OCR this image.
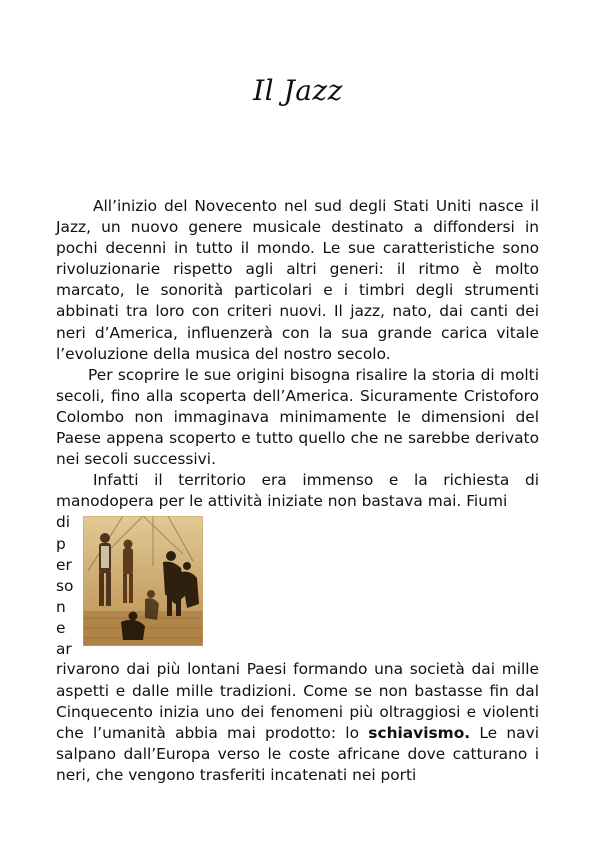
Il Jazz

All’inizio del Novecento nel sud degli Stati Uniti nasce il Jazz, un nuovo genere musicale destinato a diffondersi in pochi decenni in tutto il mondo. Le sue caratteristiche sono rivoluzionarie rispetto agli altri generi: il ritmo è molto marcato, le sonorità particolari e i timbri degli strumenti abbinati tra loro con criteri nuovi. Il jazz, nato, dai canti dei neri d’America, influenzerà con la sua grande carica vitale l’evoluzione della musica del nostro secolo.

Per scoprire le sue origini bisogna risalire la storia di molti secoli, fino alla scoperta dell’America. Sicuramente Cristoforo Colombo non immaginava minimamente le dimensioni del Paese appena scoperto e tutto quello che ne sarebbe derivato nei secoli successivi.

Infatti il territorio era immenso e la richiesta di manodopera per le attività iniziate non bastava mai. Fiumi

di
p
er
so
n
e
ar

rivarono dai più lontani Paesi formando una società dai mille aspetti e dalle mille tradizioni. Come se non bastasse fin dal Cinquecento inizia uno dei fenomeni più oltraggiosi e violenti che l’umanità abbia mai prodotto: lo schiavismo. Le navi salpano dall’Europa verso le coste africane dove catturano i neri, che vengono trasferiti incatenati nei porti
